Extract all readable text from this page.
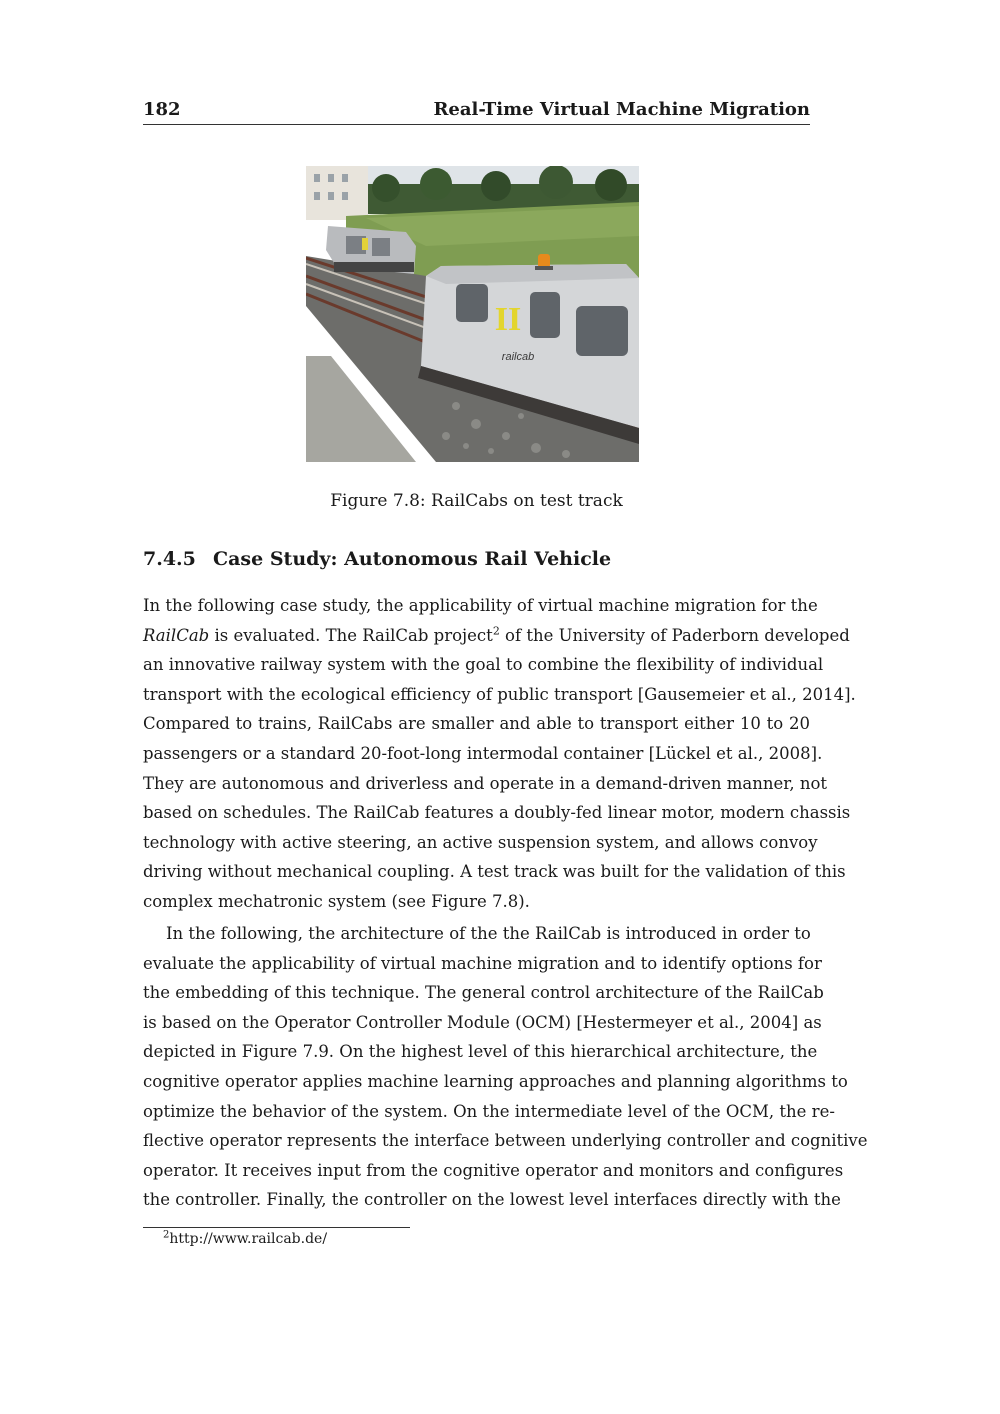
182	Real-Time Virtual Machine Migration
II
railcab
Figure 7.8: RailCabs on test track
7.4.5 Case Study: Autonomous Rail Vehicle
In the following case study, the applicability of virtual machine migration for the
RailCab is evaluated. The RailCab project$^2$ of the University of Paderborn developed
an innovative railway system with the goal to combine the flexibility of individual
transport with the ecological efficiency of public transport [Gausemeier et al., 2014].
Compared to trains, RailCabs are smaller and able to transport either 10 to 20
passengers or a standard 20-foot-long intermodal container [Lückel et al., 2008].
They are autonomous and driverless and operate in a demand-driven manner, not
based on schedules. The RailCab features a doubly-fed linear motor, modern chassis
technology with active steering, an active suspension system, and allows convoy
driving without mechanical coupling. A test track was built for the validation of this
complex mechatronic system (see Figure 7.8).
In the following, the architecture of the the RailCab is introduced in order to
evaluate the applicability of virtual machine migration and to identify options for
the embedding of this technique. The general control architecture of the RailCab
is based on the Operator Controller Module (OCM) [Hestermeyer et al., 2004] as
depicted in Figure 7.9. On the highest level of this hierarchical architecture, the
cognitive operator applies machine learning approaches and planning algorithms to
optimize the behavior of the system. On the intermediate level of the OCM, the re-
flective operator represents the interface between underlying controller and cognitive
operator. It receives input from the cognitive operator and monitors and configures
the controller. Finally, the controller on the lowest level interfaces directly with the
$^2$http://www.railcab.de/
